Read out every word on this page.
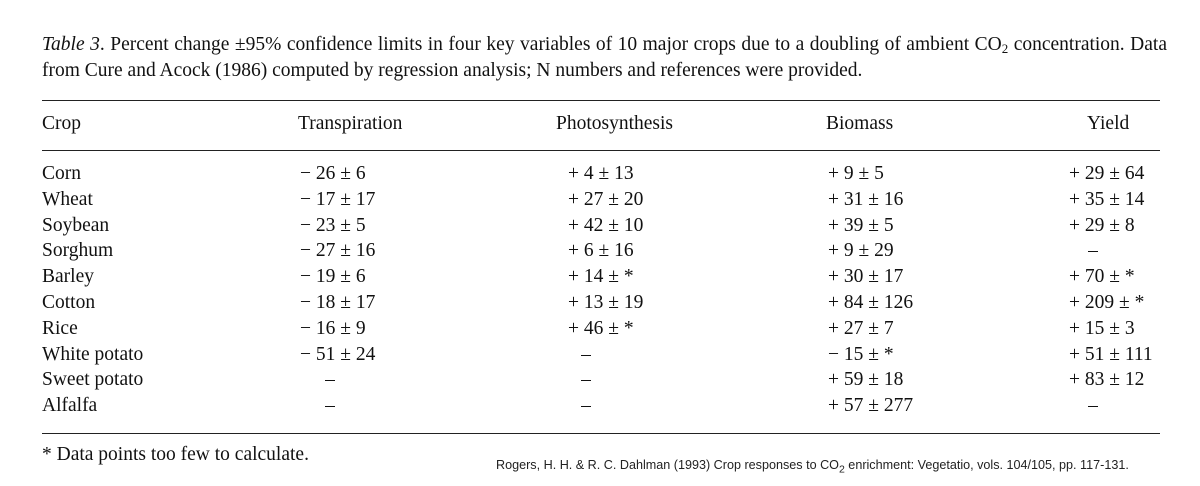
Table 3. Percent change ±95% confidence limits in four key variables of 10 major crops due to a doubling of ambient $CO_2$ concentration. Data from Cure and Acock (1986) computed by regression analysis; N numbers and references were provided.
Crop	Transpiration	Photosynthesis	Biomass	Yield
Corn	− 26 ± 6	+ 4 ± 13	+ 9 ± 5	+ 29 ± 64
Wheat	− 17 ± 17	+ 27 ± 20	+ 31 ± 16	+ 35 ± 14
Soybean	− 23 ± 5	+ 42 ± 10	+ 39 ± 5	+ 29 ± 8
Sorghum	− 27 ± 16	+ 6 ± 16	+ 9 ± 29	–
Barley	− 19 ± 6	+ 14 ± *	+ 30 ± 17	+ 70 ± *
Cotton	− 18 ± 17	+ 13 ± 19	+ 84 ± 126	+ 209 ± *
Rice	− 16 ± 9	+ 46 ± *	+ 27 ± 7	+ 15 ± 3
White potato	− 51 ± 24	–	− 15 ± *	+ 51 ± 111
Sweet potato	–	–	+ 59 ± 18	+ 83 ± 12
Alfalfa	–	–	+ 57 ± 277	–
* Data points too few to calculate.	Rogers, H. H. & R. C. Dahlman (1993) Crop responses to $CO_2$ enrichment: Vegetatio, vols. 104/105, pp. 117-131.
